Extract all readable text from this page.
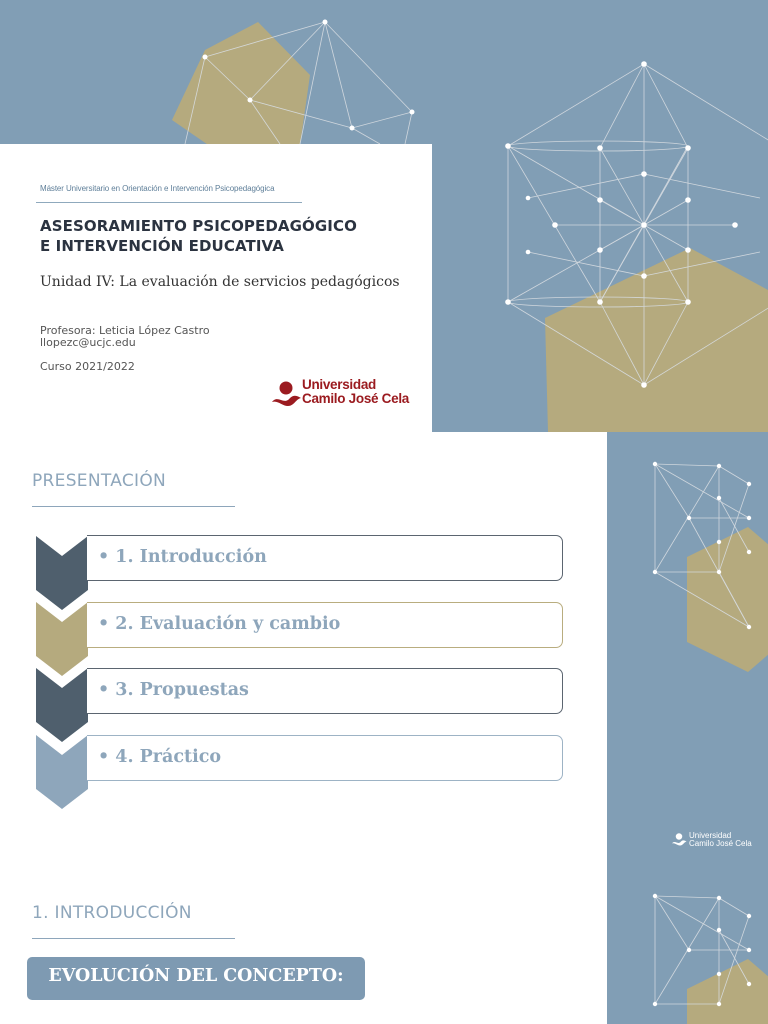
Máster Universitario en Orientación e Intervención Psicopedagógica
ASESORAMIENTO PSICOPEDAGÓGICO
E INTERVENCIÓN EDUCATIVA
Unidad IV: La evaluación de servicios pedagógicos
Profesora: Leticia López Castro
llopezc@ucjc.edu
Curso 2021/2022
Universidad
Camilo José Cela
Universidad
Camilo José Cela
PRESENTACIÓN
• 1. Introducción
• 2. Evaluación y cambio
• 3. Propuestas
• 4. Práctico
1. INTRODUCCIÓN
EVOLUCIÓN DEL CONCEPTO:
